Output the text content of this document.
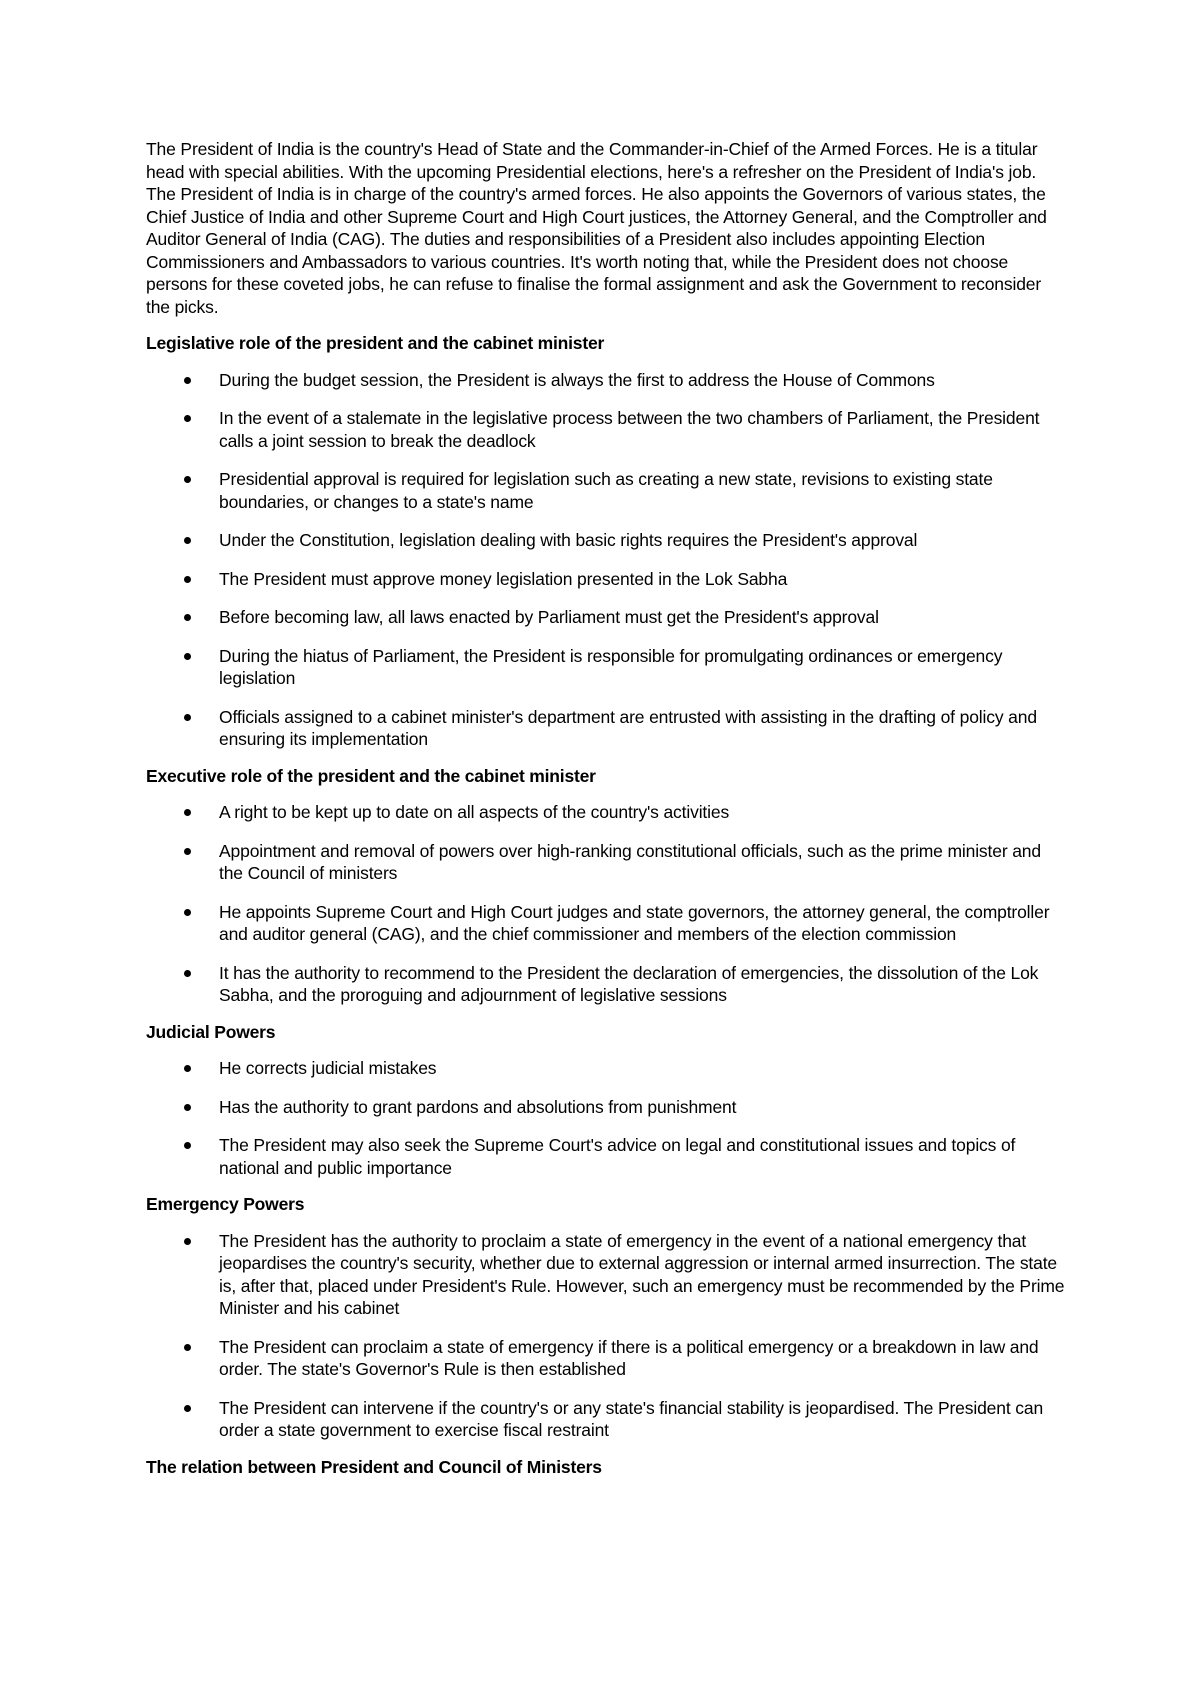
The President of India is the country's Head of State and the Commander-in-Chief of the Armed Forces. He is a titular head with special abilities. With the upcoming Presidential elections, here's a refresher on the President of India's job. The President of India is in charge of the country's armed forces. He also appoints the Governors of various states, the Chief Justice of India and other Supreme Court and High Court justices, the Attorney General, and the Comptroller and Auditor General of India (CAG). The duties and responsibilities of a President also includes appointing Election Commissioners and Ambassadors to various countries. It's worth noting that, while the President does not choose persons for these coveted jobs, he can refuse to finalise the formal assignment and ask the Government to reconsider the picks.

Legislative role of the president and the cabinet minister
During the budget session, the President is always the first to address the House of Commons
In the event of a stalemate in the legislative process between the two chambers of Parliament, the President calls a joint session to break the deadlock
Presidential approval is required for legislation such as creating a new state, revisions to existing state boundaries, or changes to a state's name
Under the Constitution, legislation dealing with basic rights requires the President's approval
The President must approve money legislation presented in the Lok Sabha
Before becoming law, all laws enacted by Parliament must get the President's approval
During the hiatus of Parliament, the President is responsible for promulgating ordinances or emergency legislation
Officials assigned to a cabinet minister's department are entrusted with assisting in the drafting of policy and ensuring its implementation
Executive role of the president and the cabinet minister
A right to be kept up to date on all aspects of the country's activities
Appointment and removal of powers over high-ranking constitutional officials, such as the prime minister and the Council of ministers
He appoints Supreme Court and High Court judges and state governors, the attorney general, the comptroller and auditor general (CAG), and the chief commissioner and members of the election commission
It has the authority to recommend to the President the declaration of emergencies, the dissolution of the Lok Sabha, and the proroguing and adjournment of legislative sessions
Judicial Powers
He corrects judicial mistakes
Has the authority to grant pardons and absolutions from punishment
The President may also seek the Supreme Court's advice on legal and constitutional issues and topics of national and public importance
Emergency Powers
The President has the authority to proclaim a state of emergency in the event of a national emergency that jeopardises the country's security, whether due to external aggression or internal armed insurrection. The state is, after that, placed under President's Rule. However, such an emergency must be recommended by the Prime Minister and his cabinet
The President can proclaim a state of emergency if there is a political emergency or a breakdown in law and order. The state's Governor's Rule is then established
The President can intervene if the country's or any state's financial stability is jeopardised. The President can order a state government to exercise fiscal restraint
The relation between President and Council of Ministers
